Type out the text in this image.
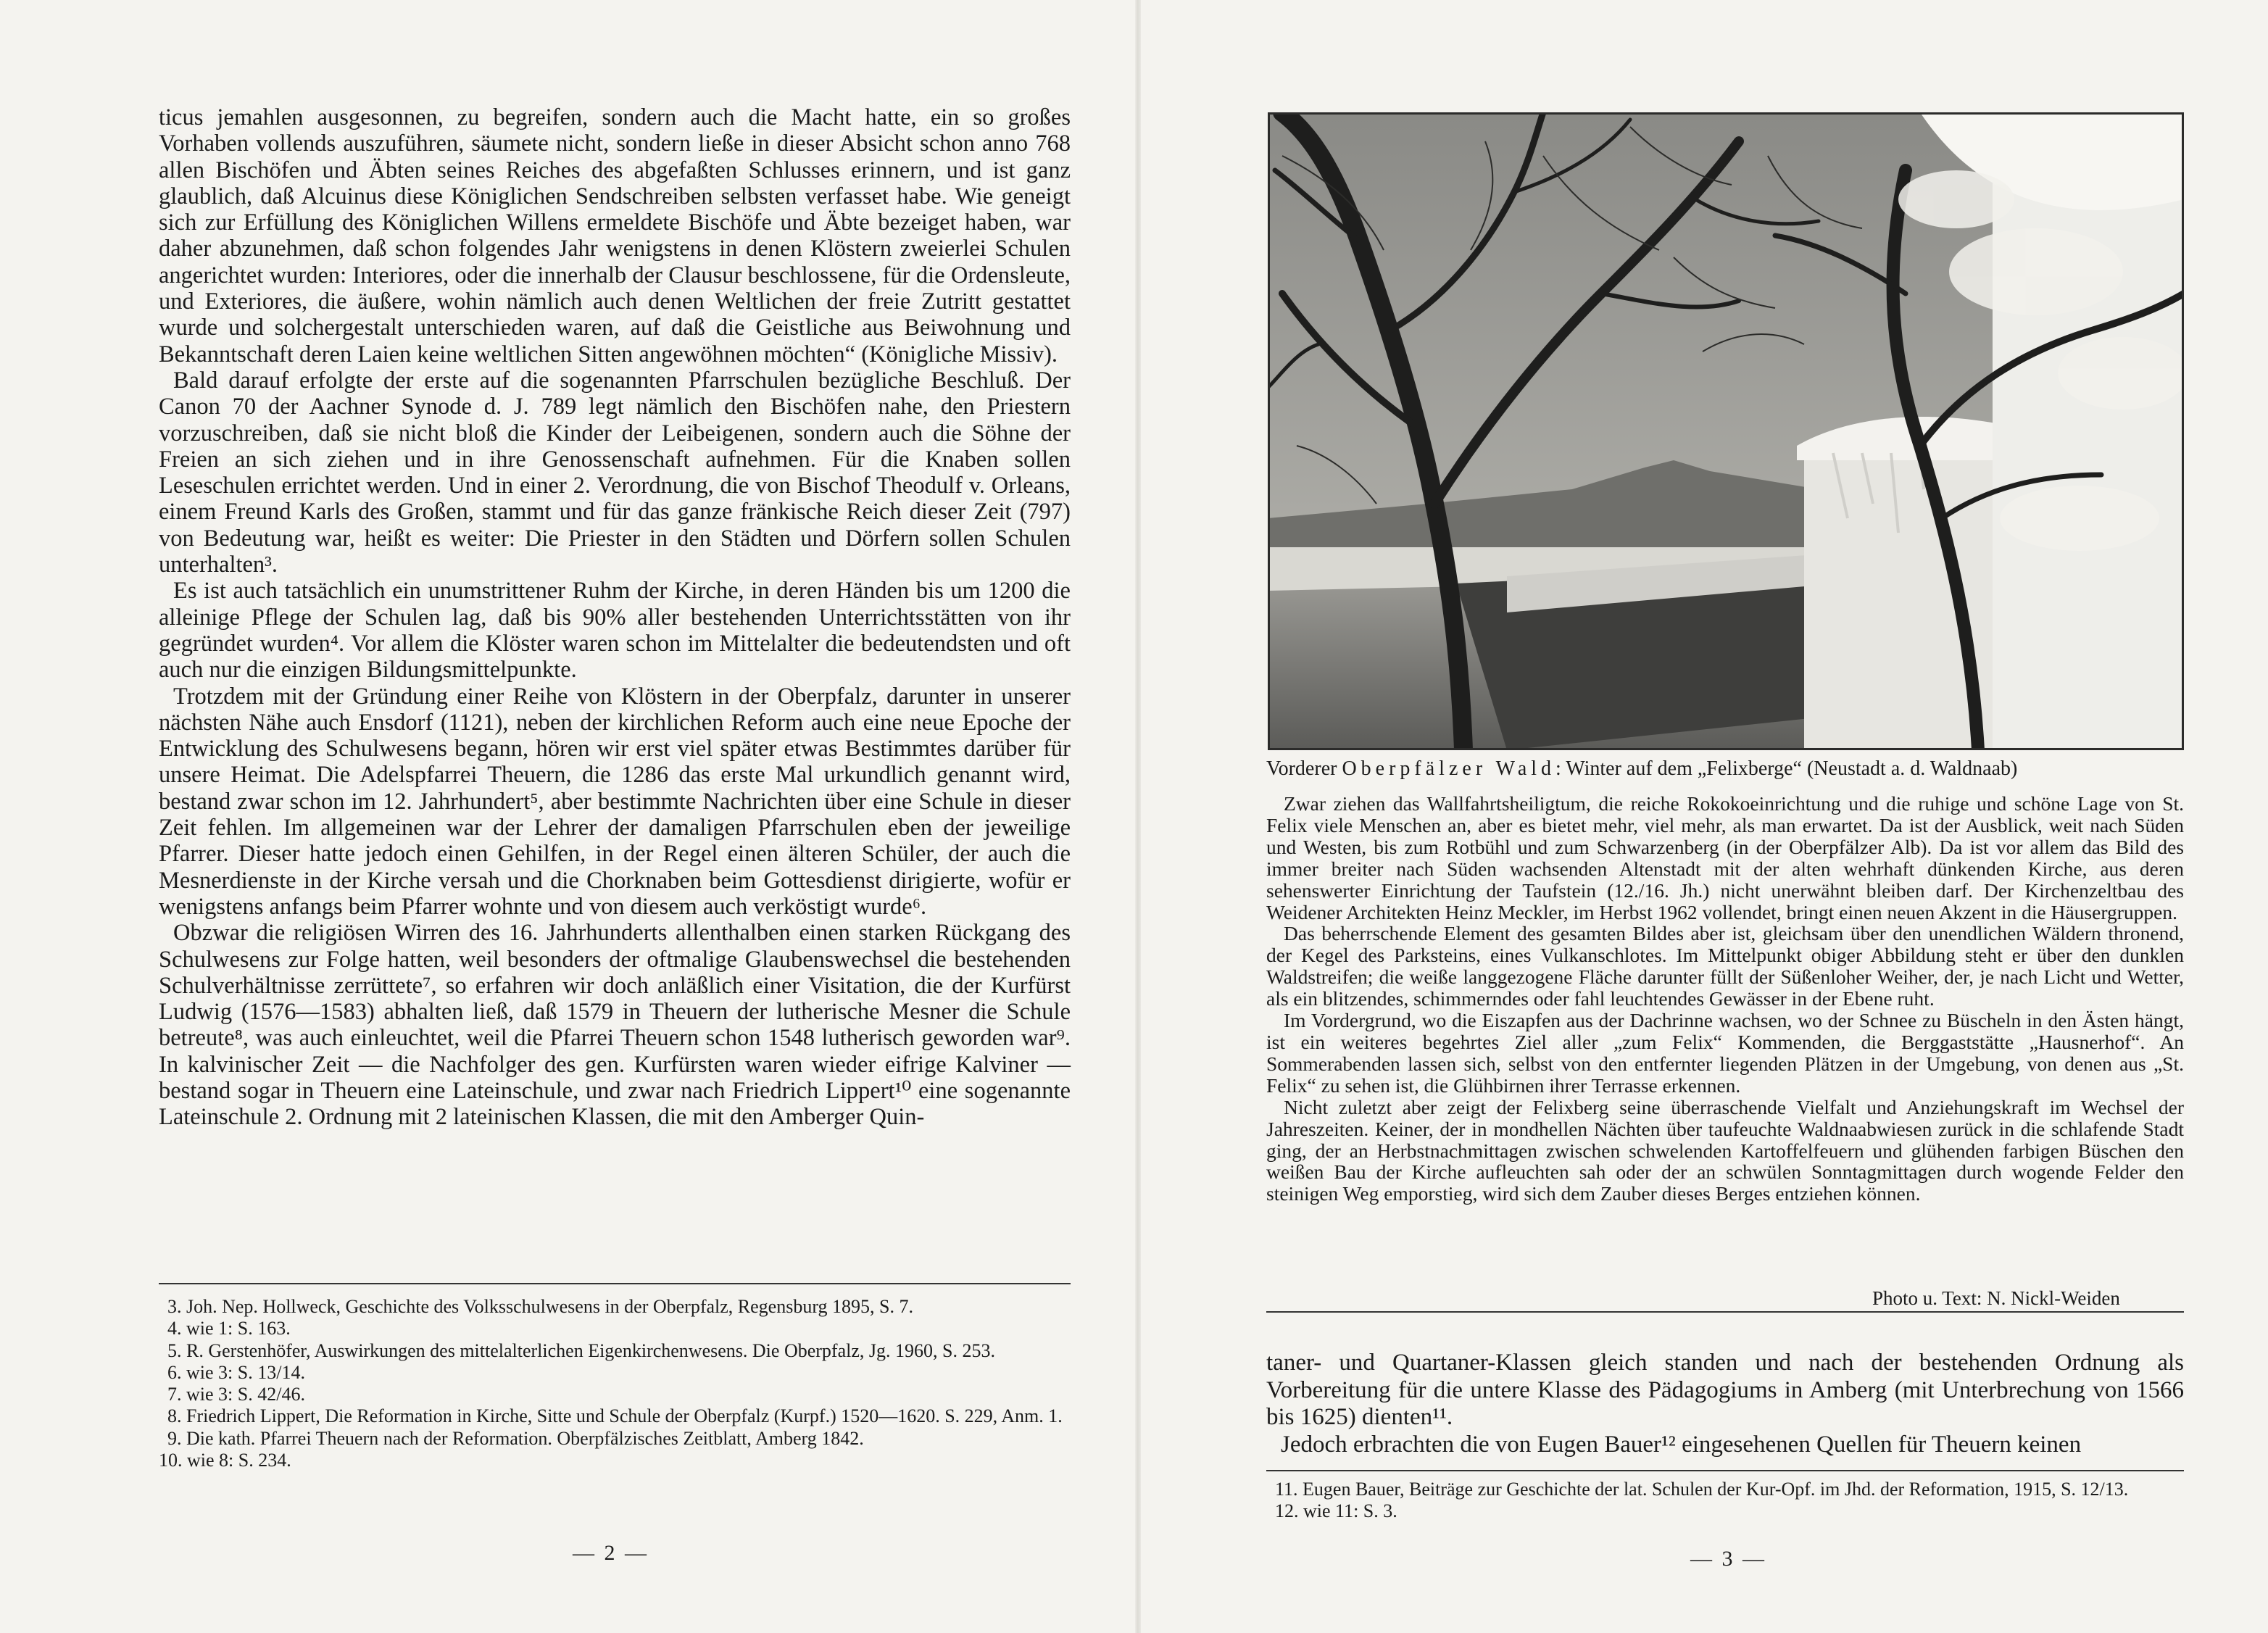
ticus jemahlen ausgesonnen, zu begreifen, sondern auch die Macht hatte, ein so großes Vorhaben vollends auszuführen, säumete nicht, sondern ließe in dieser Absicht schon anno 768 allen Bischöfen und Äbten seines Reiches des abgefaßten Schlusses erinnern, und ist ganz glaublich, daß Alcuinus diese Königlichen Sendschreiben selbsten verfasset habe. Wie geneigt sich zur Erfüllung des Königlichen Willens ermeldete Bischöfe und Äbte bezeiget haben, war daher abzunehmen, daß schon folgendes Jahr wenigstens in denen Klöstern zweierlei Schulen angerichtet wurden: Interiores, oder die innerhalb der Clausur beschlossene, für die Ordensleute, und Exteriores, die äußere, wohin nämlich auch denen Weltlichen der freie Zutritt gestattet wurde und solchergestalt unterschieden waren, auf daß die Geistliche aus Beiwohnung und Bekanntschaft deren Laien keine weltlichen Sitten angewöhnen möchten“ (Königliche Missiv).

Bald darauf erfolgte der erste auf die sogenannten Pfarrschulen bezügliche Beschluß. Der Canon 70 der Aachner Synode d. J. 789 legt nämlich den Bischöfen nahe, den Priestern vorzuschreiben, daß sie nicht bloß die Kinder der Leibeigenen, sondern auch die Söhne der Freien an sich ziehen und in ihre Genossenschaft aufnehmen. Für die Knaben sollen Leseschulen errichtet werden. Und in einer 2. Verordnung, die von Bischof Theodulf v. Orleans, einem Freund Karls des Großen, stammt und für das ganze fränkische Reich dieser Zeit (797) von Bedeutung war, heißt es weiter: Die Priester in den Städten und Dörfern sollen Schulen unterhalten³.

Es ist auch tatsächlich ein unumstrittener Ruhm der Kirche, in deren Händen bis um 1200 die alleinige Pflege der Schulen lag, daß bis 90% aller bestehenden Unterrichtsstätten von ihr gegründet wurden⁴. Vor allem die Klöster waren schon im Mittelalter die bedeutendsten und oft auch nur die einzigen Bildungsmittelpunkte.

Trotzdem mit der Gründung einer Reihe von Klöstern in der Oberpfalz, darunter in unserer nächsten Nähe auch Ensdorf (1121), neben der kirchlichen Reform auch eine neue Epoche der Entwicklung des Schulwesens begann, hören wir erst viel später etwas Bestimmtes darüber für unsere Heimat. Die Adelspfarrei Theuern, die 1286 das erste Mal urkundlich genannt wird, bestand zwar schon im 12. Jahrhundert⁵, aber bestimmte Nachrichten über eine Schule in dieser Zeit fehlen. Im allgemeinen war der Lehrer der damaligen Pfarrschulen eben der jeweilige Pfarrer. Dieser hatte jedoch einen Gehilfen, in der Regel einen älteren Schüler, der auch die Mesnerdienste in der Kirche versah und die Chorknaben beim Gottesdienst dirigierte, wofür er wenigstens anfangs beim Pfarrer wohnte und von diesem auch verköstigt wurde⁶.

Obzwar die religiösen Wirren des 16. Jahrhunderts allenthalben einen starken Rückgang des Schulwesens zur Folge hatten, weil besonders der oftmalige Glaubenswechsel die bestehenden Schulverhältnisse zerrüttete⁷, so erfahren wir doch anläßlich einer Visitation, die der Kurfürst Ludwig (1576—1583) abhalten ließ, daß 1579 in Theuern der lutherische Mesner die Schule betreute⁸, was auch einleuchtet, weil die Pfarrei Theuern schon 1548 lutherisch geworden war⁹. In kalvinischer Zeit — die Nachfolger des gen. Kurfürsten waren wieder eifrige Kalviner — bestand sogar in Theuern eine Lateinschule, und zwar nach Friedrich Lippert¹⁰ eine sogenannte Lateinschule 2. Ordnung mit 2 lateinischen Klassen, die mit den Amberger Quin-

3. Joh. Nep. Hollweck, Geschichte des Volksschulwesens in der Oberpfalz, Regensburg 1895, S. 7.

4. wie 1: S. 163.

5. R. Gerstenhöfer, Auswirkungen des mittelalterlichen Eigenkirchenwesens. Die Oberpfalz, Jg. 1960, S. 253.

6. wie 3: S. 13/14.

7. wie 3: S. 42/46.

8. Friedrich Lippert, Die Reformation in Kirche, Sitte und Schule der Oberpfalz (Kurpf.) 1520—1620. S. 229, Anm. 1.

9. Die kath. Pfarrei Theuern nach der Reformation. Oberpfälzisches Zeitblatt, Amberg 1842.

10. wie 8: S. 234.

— 2 —
Vorderer Oberpfälzer Wald: Winter auf dem „Felixberge“ (Neustadt a. d. Waldnaab)

Zwar ziehen das Wallfahrtsheiligtum, die reiche Rokokoeinrichtung und die ruhige und schöne Lage von St. Felix viele Menschen an, aber es bietet mehr, viel mehr, als man erwartet. Da ist der Ausblick, weit nach Süden und Westen, bis zum Rotbühl und zum Schwarzenberg (in der Oberpfälzer Alb). Da ist vor allem das Bild des immer breiter nach Süden wachsenden Altenstadt mit der alten wehrhaft dünkenden Kirche, aus deren sehenswerter Einrichtung der Taufstein (12./16. Jh.) nicht unerwähnt bleiben darf. Der Kirchenzeltbau des Weidener Architekten Heinz Meckler, im Herbst 1962 vollendet, bringt einen neuen Akzent in die Häusergruppen.

Das beherrschende Element des gesamten Bildes aber ist, gleichsam über den unendlichen Wäldern thronend, der Kegel des Parksteins, eines Vulkanschlotes. Im Mittelpunkt obiger Abbildung steht er über den dunklen Waldstreifen; die weiße langgezogene Fläche darunter füllt der Süßenloher Weiher, der, je nach Licht und Wetter, als ein blitzendes, schimmerndes oder fahl leuchtendes Gewässer in der Ebene ruht.

Im Vordergrund, wo die Eiszapfen aus der Dachrinne wachsen, wo der Schnee zu Büscheln in den Ästen hängt, ist ein weiteres begehrtes Ziel aller „zum Felix“ Kommenden, die Berggaststätte „Hausnerhof“. An Sommerabenden lassen sich, selbst von den entfernter liegenden Plätzen in der Umgebung, von denen aus „St. Felix“ zu sehen ist, die Glühbirnen ihrer Terrasse erkennen.

Nicht zuletzt aber zeigt der Felixberg seine überraschende Vielfalt und Anziehungskraft im Wechsel der Jahreszeiten. Keiner, der in mondhellen Nächten über taufeuchte Waldnaabwiesen zurück in die schlafende Stadt ging, der an Herbstnachmittagen zwischen schwelenden Kartoffelfeuern und glühenden farbigen Büschen den weißen Bau der Kirche aufleuchten sah oder der an schwülen Sonntagmittagen durch wogende Felder den steinigen Weg emporstieg, wird sich dem Zauber dieses Berges entziehen können.

Photo u. Text: N. Nickl-Weiden

taner- und Quartaner-Klassen gleich standen und nach der bestehenden Ordnung als Vorbereitung für die untere Klasse des Pädagogiums in Amberg (mit Unterbrechung von 1566 bis 1625) dienten¹¹.

Jedoch erbrachten die von Eugen Bauer¹² eingesehenen Quellen für Theuern keinen

11. Eugen Bauer, Beiträge zur Geschichte der lat. Schulen der Kur-Opf. im Jhd. der Reformation, 1915, S. 12/13.

12. wie 11: S. 3.

— 3 —
